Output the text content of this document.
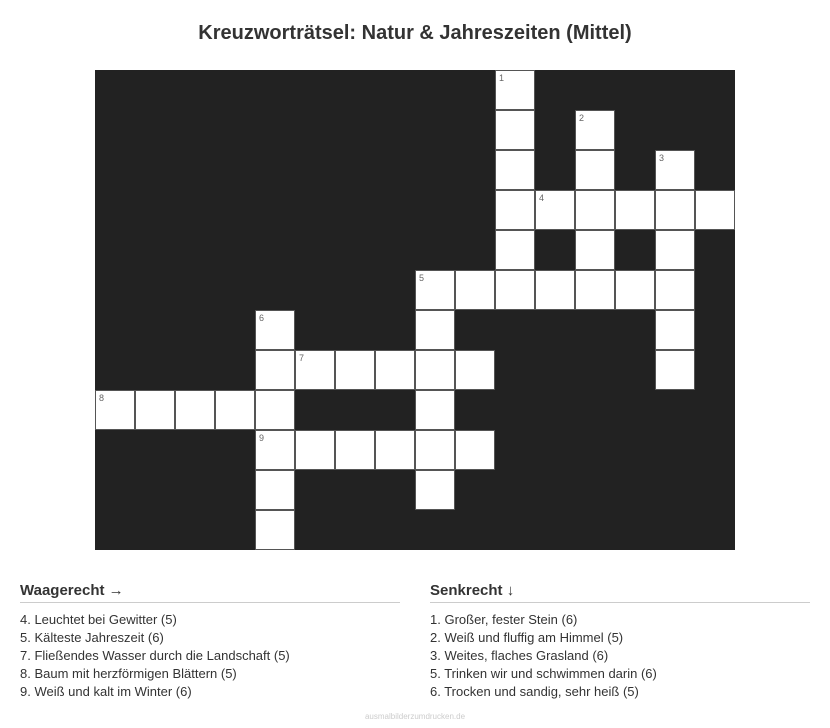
Kreuzworträtsel: Natur & Jahreszeiten (Mittel)
1
2
3
4
5
6
7
8
9
Waagerecht →
4. Leuchtet bei Gewitter (5)
5. Kälteste Jahreszeit (6)
7. Fließendes Wasser durch die Landschaft (5)
8. Baum mit herzförmigen Blättern (5)
9. Weiß und kalt im Winter (6)
Senkrecht ↓
1. Großer, fester Stein (6)
2. Weiß und fluffig am Himmel (5)
3. Weites, flaches Grasland (6)
5. Trinken wir und schwimmen darin (6)
6. Trocken und sandig, sehr heiß (5)
ausmalbilderzumdrucken.de
